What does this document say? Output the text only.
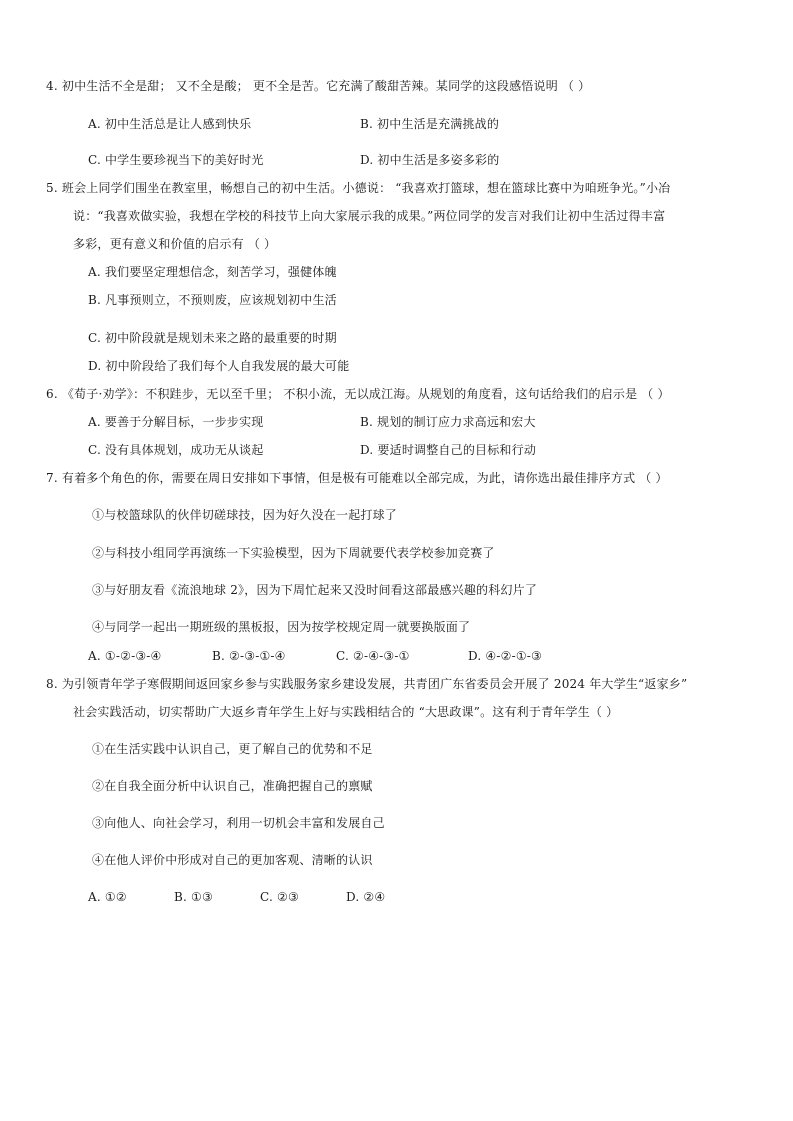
4. 初中生活不全是甜； 又不全是酸； 更不全是苦。它充满了酸甜苦辣。某同学的这段感悟说明 （ ）
A. 初中生活总是让人感到快乐	B. 初中生活是充满挑战的
C. 中学生要珍视当下的美好时光	D. 初中生活是多姿多彩的
5. 班会上同学们围坐在教室里，畅想自己的初中生活。小德说： “我喜欢打篮球，想在篮球比赛中为咱班争光。”小冶
说：“我喜欢做实验，我想在学校的科技节上向大家展示我的成果。”两位同学的发言对我们让初中生活过得丰富
多彩，更有意义和价值的启示有 （ ）
A. 我们要坚定理想信念，刻苦学习，强健体魄
B. 凡事预则立，不预则废，应该规划初中生活
C. 初中阶段就是规划未来之路的最重要的时期
D. 初中阶段给了我们每个人自我发展的最大可能
6. 《荀子·劝学》：不积跬步，无以至千里； 不积小流，无以成江海。从规划的角度看，这句话给我们的启示是 （ ）
A. 要善于分解目标，一步步实现	B. 规划的制订应力求高远和宏大
C. 没有具体规划，成功无从谈起	D. 要适时调整自己的目标和行动
7. 有着多个角色的你，需要在周日安排如下事情，但是极有可能难以全部完成，为此，请你选出最佳排序方式 （ ）
①与校篮球队的伙伴切磋球技，因为好久没在一起打球了
②与科技小组同学再演练一下实验模型，因为下周就要代表学校参加竞赛了
③与好朋友看《流浪地球 2》，因为下周忙起来又没时间看这部最感兴趣的科幻片了
④与同学一起出一期班级的黑板报，因为按学校规定周一就要换版面了
A. ①-②-③-④	B. ②-③-①-④	C. ②-④-③-①	D. ④-②-①-③
8. 为引领青年学子寒假期间返回家乡参与实践服务家乡建设发展，共青团广东省委员会开展了 2024 年大学生“返家乡”
社会实践活动，切实帮助广大返乡青年学生上好与实践相结合的 “大思政课”。这有利于青年学生（ ）
①在生活实践中认识自己，更了解自己的优势和不足
②在自我全面分析中认识自己，准确把握自己的禀赋
③向他人、向社会学习，利用一切机会丰富和发展自己
④在他人评价中形成对自己的更加客观、清晰的认识
A. ①②	B. ①③	C. ②③	D. ②④
